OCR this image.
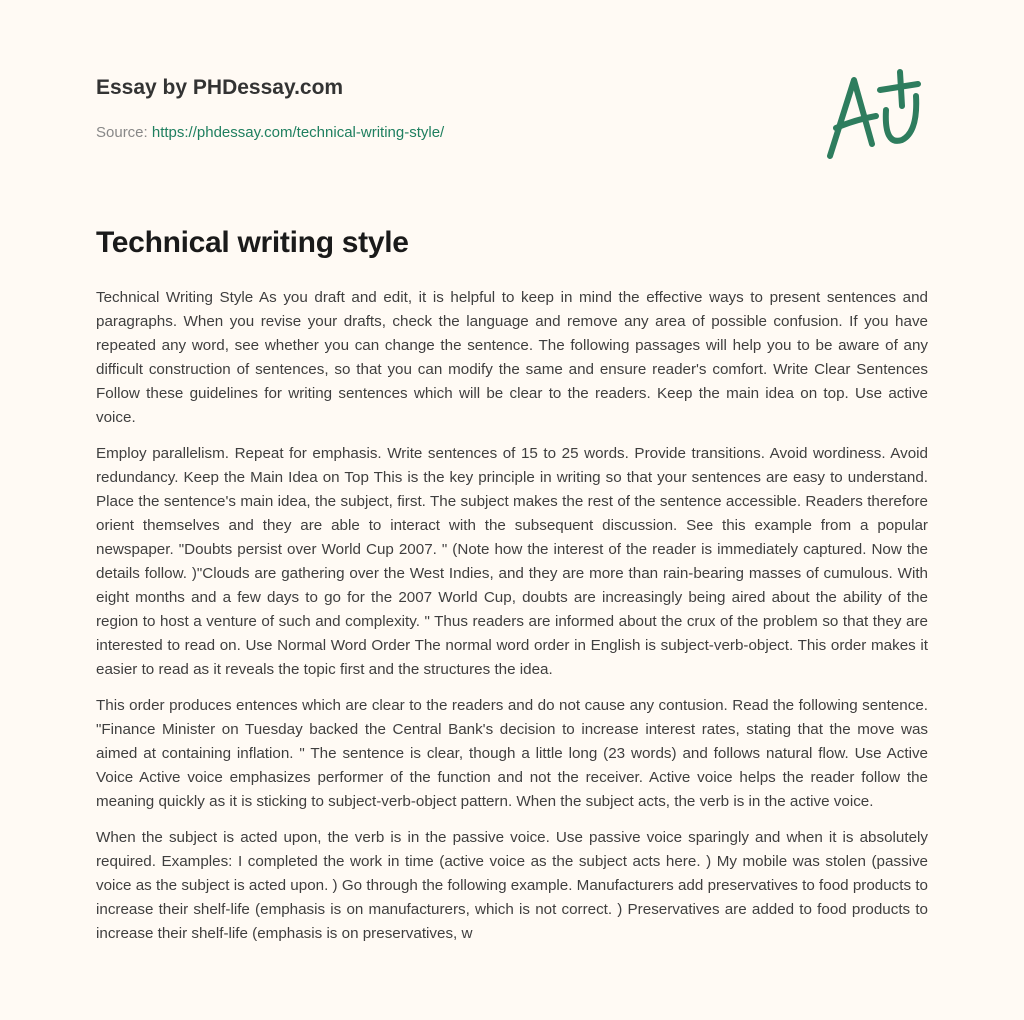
Essay by PHDessay.com
Source: https://phdessay.com/technical-writing-style/
Technical writing style

Technical Writing Style As you draft and edit, it is helpful to keep in mind the effective ways to present sentences and paragraphs. When you revise your drafts, check the language and remove any area of possible confusion. If you have repeated any word, see whether you can change the sentence. The following passages will help you to be aware of any difficult construction of sentences, so that you can modify the same and ensure reader's comfort. Write Clear Sentences Follow these guidelines for writing sentences which will be clear to the readers. Keep the main idea on top. Use active voice.

Employ parallelism. Repeat for emphasis. Write sentences of 15 to 25 words. Provide transitions. Avoid wordiness. Avoid redundancy. Keep the Main Idea on Top This is the key principle in writing so that your sentences are easy to understand. Place the sentence's main idea, the subject, first. The subject makes the rest of the sentence accessible. Readers therefore orient themselves and they are able to interact with the subsequent discussion. See this example from a popular newspaper. "Doubts persist over World Cup 2007. " (Note how the interest of the reader is immediately captured. Now the details follow. )"Clouds are gathering over the West Indies, and they are more than rain-bearing masses of cumulous. With eight months and a few days to go for the 2007 World Cup, doubts are increasingly being aired about the ability of the region to host a venture of such and complexity. " Thus readers are informed about the crux of the problem so that they are interested to read on. Use Normal Word Order The normal word order in English is subject-verb-object. This order makes it easier to read as it reveals the topic first and the structures the idea.

This order produces entences which are clear to the readers and do not cause any contusion. Read the following sentence. "Finance Minister on Tuesday backed the Central Bank's decision to increase interest rates, stating that the move was aimed at containing inflation. " The sentence is clear, though a little long (23 words) and follows natural flow. Use Active Voice Active voice emphasizes performer of the function and not the receiver. Active voice helps the reader follow the meaning quickly as it is sticking to subject-verb-object pattern. When the subject acts, the verb is in the active voice.

When the subject is acted upon, the verb is in the passive voice. Use passive voice sparingly and when it is absolutely required. Examples: I completed the work in time (active voice as the subject acts here. ) My mobile was stolen (passive voice as the subject is acted upon. ) Go through the following example. Manufacturers add preservatives to food products to increase their shelf-life (emphasis is on manufacturers, which is not correct. ) Preservatives are added to food products to increase their shelf-life (emphasis is on preservatives, w
